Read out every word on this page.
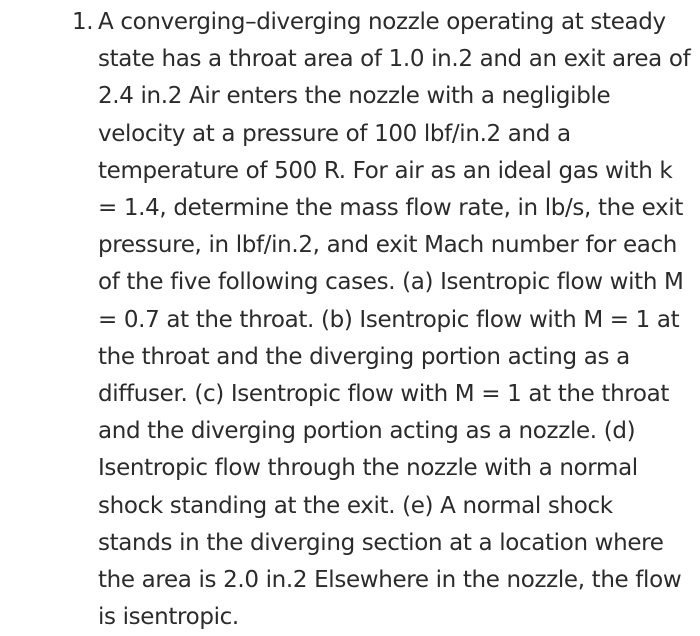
1. A converging–diverging nozzle operating at steady
state has a throat area of 1.0 in.2 and an exit area of
2.4 in.2 Air enters the nozzle with a negligible
velocity at a pressure of 100 lbf/in.2 and a
temperature of 500 R. For air as an ideal gas with k
= 1.4, determine the mass flow rate, in lb/s, the exit
pressure, in lbf/in.2, and exit Mach number for each
of the five following cases. (a) Isentropic flow with M
= 0.7 at the throat. (b) Isentropic flow with M = 1 at
the throat and the diverging portion acting as a
diffuser. (c) Isentropic flow with M = 1 at the throat
and the diverging portion acting as a nozzle. (d)
Isentropic flow through the nozzle with a normal
shock standing at the exit. (e) A normal shock
stands in the diverging section at a location where
the area is 2.0 in.2 Elsewhere in the nozzle, the flow
is isentropic.
